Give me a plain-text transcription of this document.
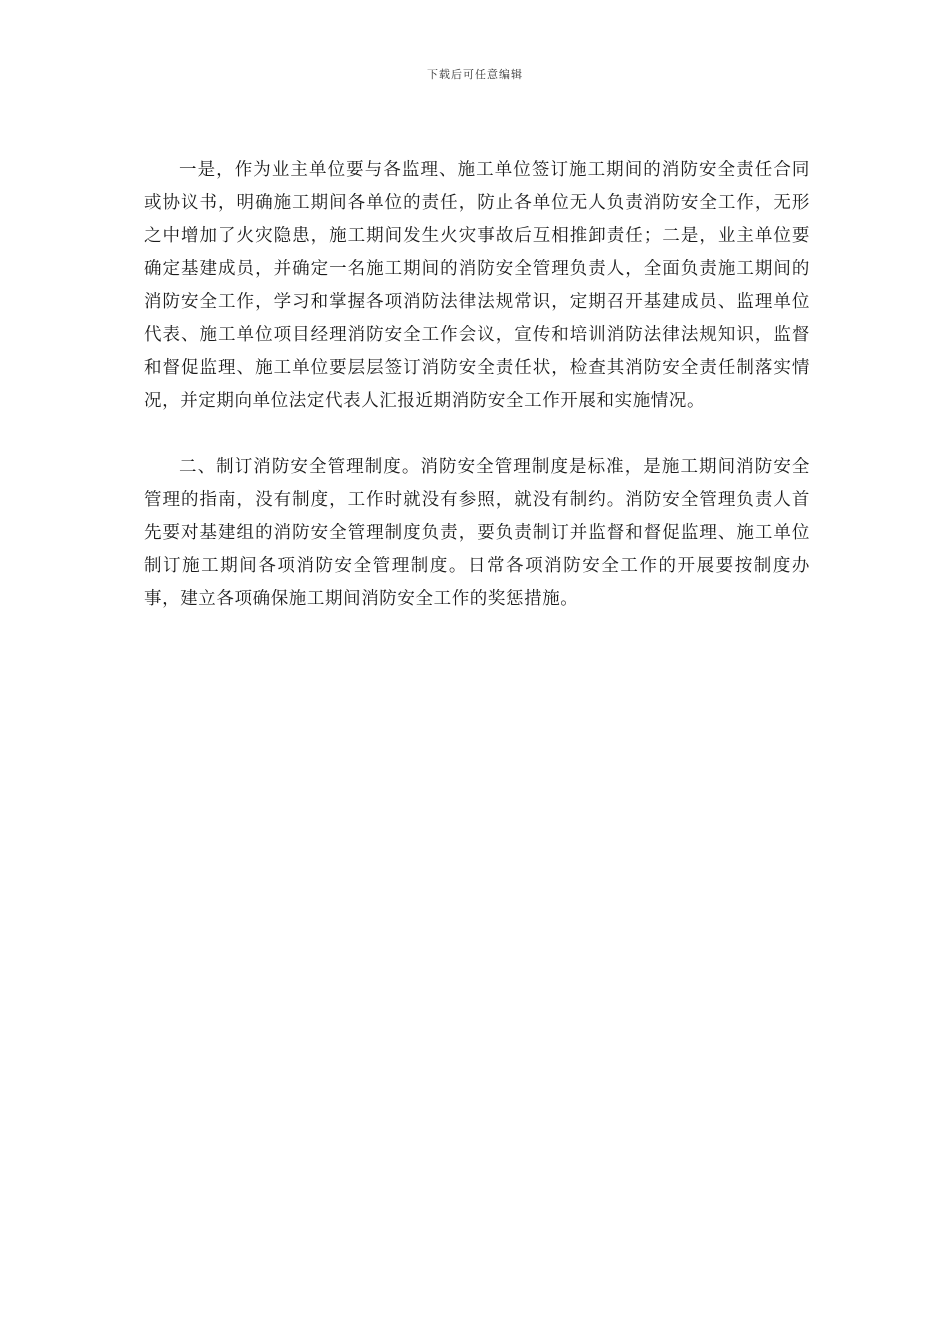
下载后可任意编辑

一是，作为业主单位要与各监理、施工单位签订施工期间的消防安全责任合同或协议书，明确施工期间各单位的责任，防止各单位无人负责消防安全工作，无形之中增加了火灾隐患，施工期间发生火灾事故后互相推卸责任；二是，业主单位要确定基建成员，并确定一名施工期间的消防安全管理负责人，全面负责施工期间的消防安全工作，学习和掌握各项消防法律法规常识，定期召开基建成员、监理单位代表、施工单位项目经理消防安全工作会议，宣传和培训消防法律法规知识，监督和督促监理、施工单位要层层签订消防安全责任状，检查其消防安全责任制落实情况，并定期向单位法定代表人汇报近期消防安全工作开展和实施情况。

二、制订消防安全管理制度。消防安全管理制度是标准，是施工期间消防安全管理的指南，没有制度，工作时就没有参照，就没有制约。消防安全管理负责人首先要对基建组的消防安全管理制度负责，要负责制订并监督和督促监理、施工单位制订施工期间各项消防安全管理制度。日常各项消防安全工作的开展要按制度办事，建立各项确保施工期间消防安全工作的奖惩措施。
